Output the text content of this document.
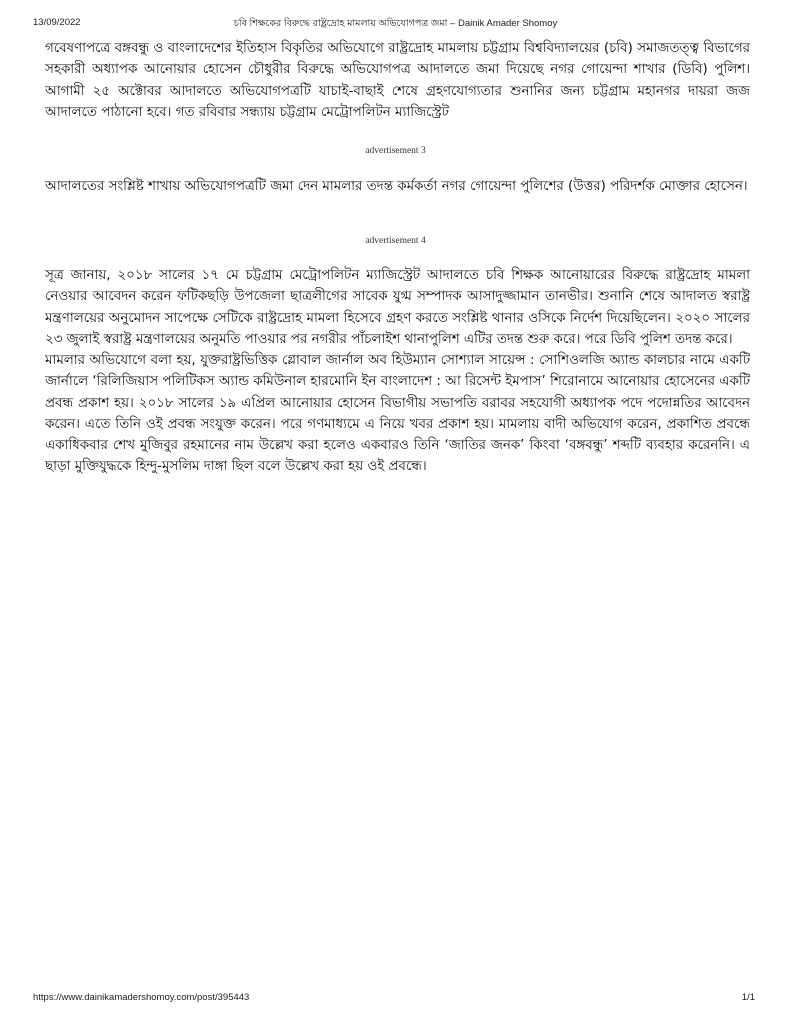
13/09/2022	চবি শিক্ষকের বিরুদ্ধে রাষ্ট্রদ্রোহ মামলায় অভিযোগপত্র জমা – Dainik Amader Shomoy

গবেষণাপত্রে বঙ্গবন্ধু ও বাংলাদেশের ইতিহাস বিকৃতির অভিযোগে রাষ্ট্রদ্রোহ মামলায় চট্টগ্রাম বিশ্ববিদ্যালয়ের (চবি) সমাজতত্ত্ব বিভাগের সহকারী অধ্যাপক আনোয়ার হোসেন চৌধুরীর বিরুদ্ধে অভিযোগপত্র আদালতে জমা দিয়েছে নগর গোয়েন্দা শাখার (ডিবি) পুলিশ। আগামী ২৫ অক্টোবর আদালতে অভিযোগপত্রটি যাচাই-বাছাই শেষে গ্রহণযোগ্যতার শুনানির জন্য চট্টগ্রাম মহানগর দায়রা জজ আদালতে পাঠানো হবে। গত রবিবার সন্ধ্যায় চট্টগ্রাম মেট্রোপলিটন ম্যাজিস্ট্রেট

advertisement 3

আদালতের সংশ্লিষ্ট শাখায় অভিযোগপত্রটি জমা দেন মামলার তদন্ত কর্মকর্তা নগর গোয়েন্দা পুলিশের (উত্তর) পরিদর্শক মোক্তার হোসেন।

advertisement 4

সূত্র জানায়, ২০১৮ সালের ১৭ মে চট্টগ্রাম মেট্রোপলিটন ম্যাজিস্ট্রেট আদালতে চবি শিক্ষক আনোয়ারের বিরুদ্ধে রাষ্ট্রদ্রোহ মামলা নেওয়ার আবেদন করেন ফটিকছড়ি উপজেলা ছাত্রলীগের সাবেক যুগ্ম সম্পাদক আসাদুজ্জামান তানভীর। শুনানি শেষে আদালত স্বরাষ্ট্র মন্ত্রণালয়ের অনুমোদন সাপেক্ষে সেটিকে রাষ্ট্রদ্রোহ মামলা হিসেবে গ্রহণ করতে সংশ্লিষ্ট থানার ওসিকে নির্দেশ দিয়েছিলেন। ২০২০ সালের ২৩ জুলাই স্বরাষ্ট্র মন্ত্রণালয়ের অনুমতি পাওয়ার পর নগরীর পাঁচলাইশ থানাপুলিশ এটির তদন্ত শুরু করে। পরে ডিবি পুলিশ তদন্ত করে।

মামলার অভিযোগে বলা হয়, যুক্তরাষ্ট্রভিত্তিক গ্লোবাল জার্নাল অব হিউম্যান সোশ্যাল সায়েন্স : সোশিওলজি অ্যান্ড কালচার নামে একটি জার্নালে ‘রিলিজিয়াস পলিটিকস অ্যান্ড কমিউনাল হারমোনি ইন বাংলাদেশ : আ রিসেন্ট ইমপাস’ শিরোনামে আনোয়ার হোসেনের একটি প্রবন্ধ প্রকাশ হয়। ২০১৮ সালের ১৯ এপ্রিল আনোয়ার হোসেন বিভাগীয় সভাপতি বরাবর সহযোগী অধ্যাপক পদে পদোন্নতির আবেদন করেন। এতে তিনি ওই প্রবন্ধ সংযুক্ত করেন। পরে গণমাধ্যমে এ নিয়ে খবর প্রকাশ হয়। মামলায় বাদী অভিযোগ করেন, প্রকাশিত প্রবন্ধে একাধিকবার শেখ মুজিবুর রহমানের নাম উল্লেখ করা হলেও একবারও তিনি ‘জাতির জনক’ কিংবা ‘বঙ্গবন্ধু’ শব্দটি ব্যবহার করেননি। এ ছাড়া মুক্তিযুদ্ধকে হিন্দু-মুসলিম দাঙ্গা ছিল বলে উল্লেখ করা হয় ওই প্রবন্ধে।

https://www.dainikamadershomoy.com/post/395443	1/1
